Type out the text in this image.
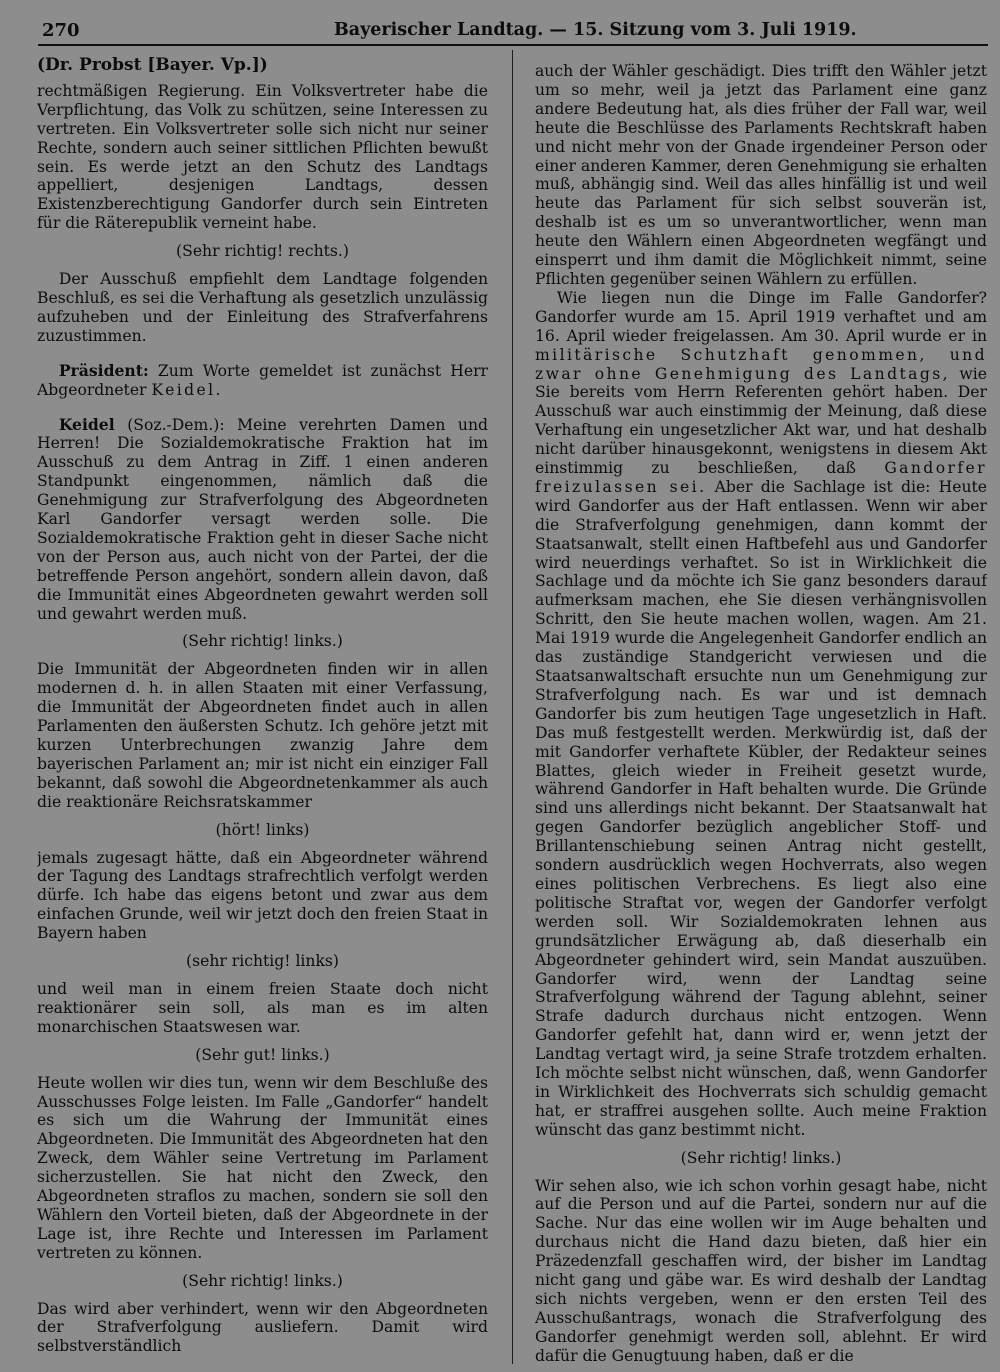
270	Bayerischer Landtag. — 15. Sitzung vom 3. Juli 1919.

(Dr. Probst [Bayer. Vp.])

rechtmäßigen Regierung. Ein Volksvertreter habe die Verpflichtung, das Volk zu schützen, seine Interessen zu vertreten. Ein Volksvertreter solle sich nicht nur seiner Rechte, sondern auch seiner sittlichen Pflichten bewußt sein. Es werde jetzt an den Schutz des Landtags appelliert, desjenigen Landtags, dessen Existenzberechtigung Gandorfer durch sein Eintreten für die Räterepublik verneint habe.

(Sehr richtig! rechts.)

Der Ausschuß empfiehlt dem Landtage folgenden Beschluß, es sei die Verhaftung als gesetzlich unzulässig aufzuheben und der Einleitung des Strafverfahrens zuzustimmen.

Präsident: Zum Worte gemeldet ist zunächst Herr Abgeordneter Keidel.

Keidel (Soz.-Dem.): Meine verehrten Damen und Herren! Die Sozialdemokratische Fraktion hat im Ausschuß zu dem Antrag in Ziff. 1 einen anderen Standpunkt eingenommen, nämlich daß die Genehmigung zur Strafverfolgung des Abgeordneten Karl Gandorfer versagt werden solle. Die Sozialdemokratische Fraktion geht in dieser Sache nicht von der Person aus, auch nicht von der Partei, der die betreffende Person angehört, sondern allein davon, daß die Immunität eines Abgeordneten gewahrt werden soll und gewahrt werden muß.

(Sehr richtig! links.)

Die Immunität der Abgeordneten finden wir in allen modernen d. h. in allen Staaten mit einer Verfassung, die Immunität der Abgeordneten findet auch in allen Parlamenten den äußersten Schutz. Ich gehöre jetzt mit kurzen Unterbrechungen zwanzig Jahre dem bayerischen Parlament an; mir ist nicht ein einziger Fall bekannt, daß sowohl die Abgeordnetenkammer als auch die reaktionäre Reichsratskammer

(hört! links)

jemals zugesagt hätte, daß ein Abgeordneter während der Tagung des Landtags strafrechtlich verfolgt werden dürfe. Ich habe das eigens betont und zwar aus dem einfachen Grunde, weil wir jetzt doch den freien Staat in Bayern haben

(sehr richtig! links)

und weil man in einem freien Staate doch nicht reaktionärer sein soll, als man es im alten monarchischen Staatswesen war.

(Sehr gut! links.)

Heute wollen wir dies tun, wenn wir dem Beschluße des Ausschusses Folge leisten. Im Falle „Gandorfer“ handelt es sich um die Wahrung der Immunität eines Abgeordneten. Die Immunität des Abgeordneten hat den Zweck, dem Wähler seine Vertretung im Parlament sicherzustellen. Sie hat nicht den Zweck, den Abgeordneten straflos zu machen, sondern sie soll den Wählern den Vorteil bieten, daß der Abgeordnete in der Lage ist, ihre Rechte und Interessen im Parlament vertreten zu können.

(Sehr richtig! links.)

Das wird aber verhindert, wenn wir den Abgeordneten der Strafverfolgung ausliefern. Damit wird selbstverständlich

auch der Wähler geschädigt. Dies trifft den Wähler jetzt um so mehr, weil ja jetzt das Parlament eine ganz andere Bedeutung hat, als dies früher der Fall war, weil heute die Beschlüsse des Parlaments Rechtskraft haben und nicht mehr von der Gnade irgendeiner Person oder einer anderen Kammer, deren Genehmigung sie erhalten muß, abhängig sind. Weil das alles hinfällig ist und weil heute das Parlament für sich selbst souverän ist, deshalb ist es um so unverantwortlicher, wenn man heute den Wählern einen Abgeordneten wegfängt und einsperrt und ihm damit die Möglichkeit nimmt, seine Pflichten gegenüber seinen Wählern zu erfüllen.

Wie liegen nun die Dinge im Falle Gandorfer? Gandorfer wurde am 15. April 1919 verhaftet und am 16. April wieder freigelassen. Am 30. April wurde er in militärische Schutzhaft genommen, und zwar ohne Genehmigung des Landtags, wie Sie bereits vom Herrn Referenten gehört haben. Der Ausschuß war auch einstimmig der Meinung, daß diese Verhaftung ein ungesetzlicher Akt war, und hat deshalb nicht darüber hinausgekonnt, wenigstens in diesem Akt einstimmig zu beschließen, daß Gandorfer freizulassen sei. Aber die Sachlage ist die: Heute wird Gandorfer aus der Haft entlassen. Wenn wir aber die Strafverfolgung genehmigen, dann kommt der Staatsanwalt, stellt einen Haftbefehl aus und Gandorfer wird neuerdings verhaftet. So ist in Wirklichkeit die Sachlage und da möchte ich Sie ganz besonders darauf aufmerksam machen, ehe Sie diesen verhängnisvollen Schritt, den Sie heute machen wollen, wagen. Am 21. Mai 1919 wurde die Angelegenheit Gandorfer endlich an das zuständige Standgericht verwiesen und die Staatsanwaltschaft ersuchte nun um Genehmigung zur Strafverfolgung nach. Es war und ist demnach Gandorfer bis zum heutigen Tage ungesetzlich in Haft. Das muß festgestellt werden. Merkwürdig ist, daß der mit Gandorfer verhaftete Kübler, der Redakteur seines Blattes, gleich wieder in Freiheit gesetzt wurde, während Gandorfer in Haft behalten wurde. Die Gründe sind uns allerdings nicht bekannt. Der Staatsanwalt hat gegen Gandorfer bezüglich angeblicher Stoff- und Brillantenschiebung seinen Antrag nicht gestellt, sondern ausdrücklich wegen Hochverrats, also wegen eines politischen Verbrechens. Es liegt also eine politische Straftat vor, wegen der Gandorfer verfolgt werden soll. Wir Sozialdemokraten lehnen aus grundsätzlicher Erwägung ab, daß dieserhalb ein Abgeordneter gehindert wird, sein Mandat auszuüben. Gandorfer wird, wenn der Landtag seine Strafverfolgung während der Tagung ablehnt, seiner Strafe dadurch durchaus nicht entzogen. Wenn Gandorfer gefehlt hat, dann wird er, wenn jetzt der Landtag vertagt wird, ja seine Strafe trotzdem erhalten. Ich möchte selbst nicht wünschen, daß, wenn Gandorfer in Wirklichkeit des Hochverrats sich schuldig gemacht hat, er straffrei ausgehen sollte. Auch meine Fraktion wünscht das ganz bestimmt nicht.

(Sehr richtig! links.)

Wir sehen also, wie ich schon vorhin gesagt habe, nicht auf die Person und auf die Partei, sondern nur auf die Sache. Nur das eine wollen wir im Auge behalten und durchaus nicht die Hand dazu bieten, daß hier ein Präzedenzfall geschaffen wird, der bisher im Landtag nicht gang und gäbe war. Es wird deshalb der Landtag sich nichts vergeben, wenn er den ersten Teil des Ausschußantrags, wonach die Strafverfolgung des Gandorfer genehmigt werden soll, ablehnt. Er wird dafür die Genugtuung haben, daß er die
